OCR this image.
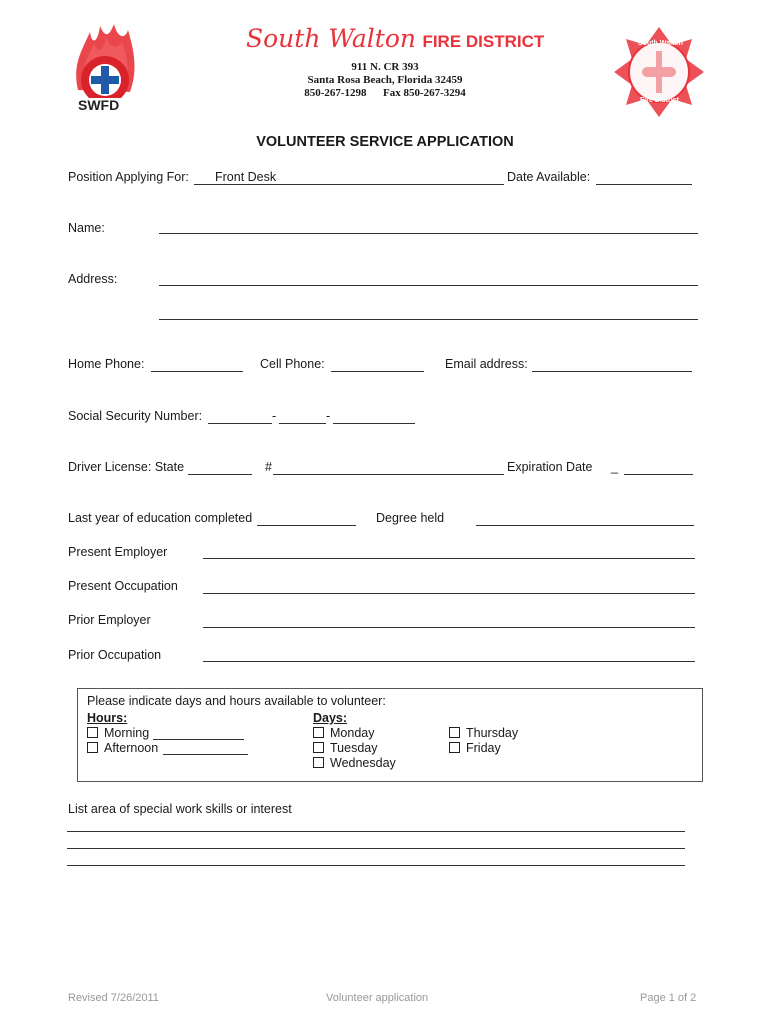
SWFD
South Walton
Fire District
South Walton FIRE DISTRICT
911 N. CR 393
Santa Rosa Beach, Florida 32459
850-267-1298      Fax 850-267-3294
VOLUNTEER SERVICE APPLICATION
Position Applying For: Front Desk	Date Available:
Name:
Address:
Home Phone:	Cell Phone:	Email address:
Social Security Number:	-	-
Driver License: State	#	Expiration Date _
Last year of education completed	Degree held
Present Employer
Present Occupation
Prior Employer
Prior Occupation
Please indicate days and hours available to volunteer:
Hours:	Days:
Morning
Afternoon
Monday
Tuesday
Wednesday
Thursday
Friday
List area of special work skills or interest
Revised 7/26/2011	Volunteer application	Page 1 of 2
